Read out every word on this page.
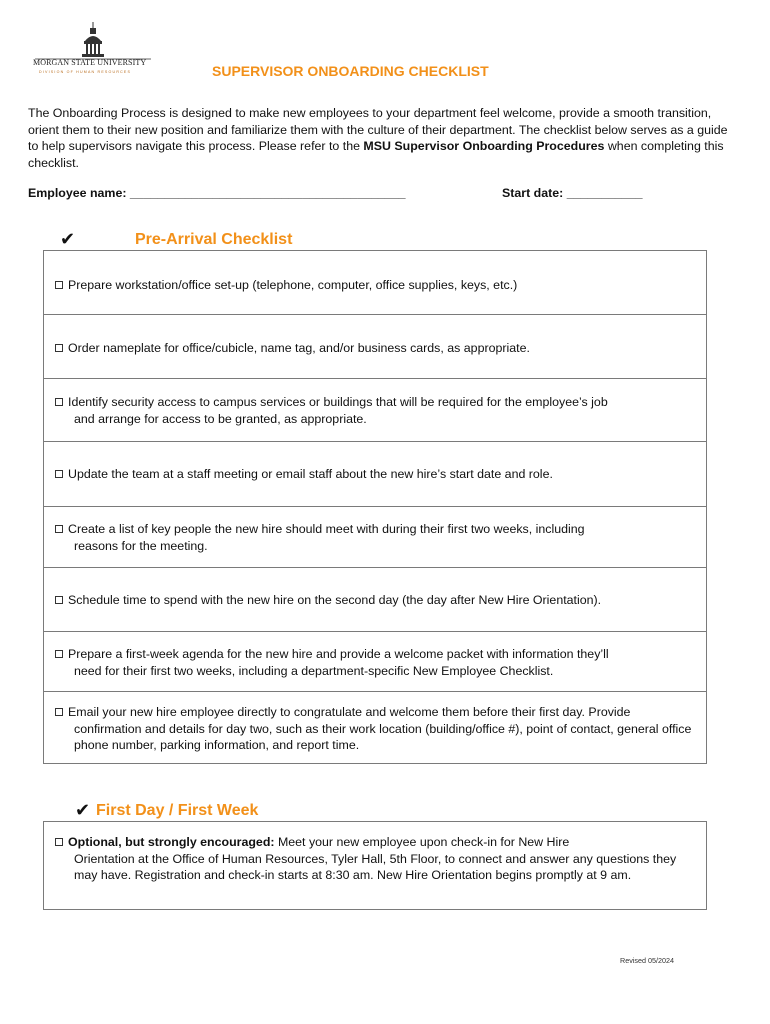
MORGAN STATE UNIVERSITY
DIVISION OF HUMAN RESOURCES	SUPERVISOR ONBOARDING CHECKLIST

The Onboarding Process is designed to make new employees to your department feel welcome, provide a smooth transition, orient them to their new position and familiarize them with the culture of their department. The checklist below serves as a guide to help supervisors navigate this process. Please refer to the MSU Supervisor Onboarding Procedures when completing this checklist.

Employee name: ________________________________________	Start date: ___________
✔	Pre-Arrival Checklist
Prepare workstation/office set-up (telephone, computer, office supplies, keys, etc.)
Order nameplate for office/cubicle, name tag, and/or business cards, as appropriate.
Identify security access to campus services or buildings that will be required for the employee’s job
and arrange for access to be granted, as appropriate.
Update the team at a staff meeting or email staff about the new hire’s start date and role.
Create a list of key people the new hire should meet with during their first two weeks, including
reasons for the meeting.
Schedule time to spend with the new hire on the second day (the day after New Hire Orientation).
Prepare a first-week agenda for the new hire and provide a welcome packet with information they’ll
need for their first two weeks, including a department-specific New Employee Checklist.
Email your new hire employee directly to congratulate and welcome them before their first day. Provide
confirmation and details for day two, such as their work location (building/office #), point of contact, general office phone number, parking information, and report time.
✔ First Day / First Week
Optional, but strongly encouraged: Meet your new employee upon check-in for New Hire
Orientation at the Office of Human Resources, Tyler Hall, 5th Floor, to connect and answer any questions they may have. Registration and check-in starts at 8:30 am. New Hire Orientation begins promptly at 9 am.
Revised 05/2024
